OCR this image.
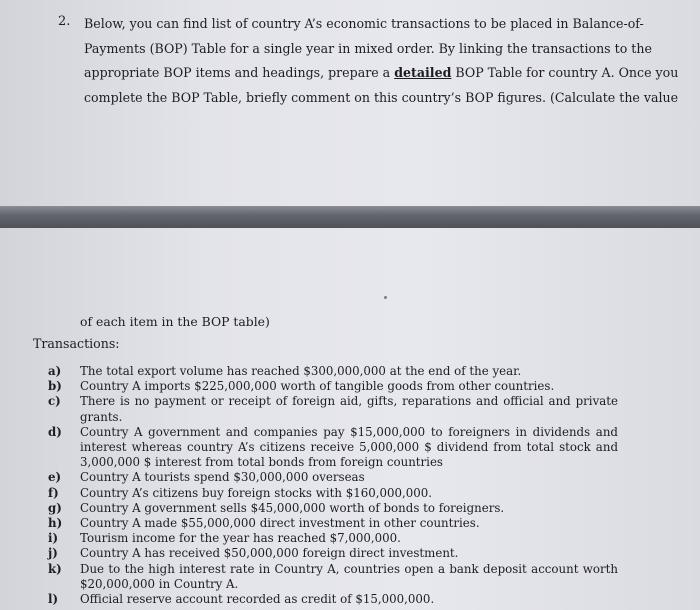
2. Below, you can find list of country A’s economic transactions to be placed in Balance-of-
Payments (BOP) Table for a single year in mixed order. By linking the transactions to the
appropriate BOP items and headings, prepare a detailed BOP Table for country A. Once you
complete the BOP Table, briefly comment on this country’s BOP figures. (Calculate the value
of each item in the BOP table)
Transactions:
a)	The total export volume has reached $300,000,000 at the end of the year.
b)	Country A imports $225,000,000 worth of tangible goods from other countries.
c)	There is no payment or receipt of foreign aid, gifts, reparations and official and private grants.
d)	Country A government and companies pay $15,000,000 to foreigners in dividends and interest whereas country A’s citizens receive 5,000,000 $ dividend from total stock and 3,000,000 $ interest from total bonds from foreign countries
e)	Country A tourists spend $30,000,000 overseas
f)	Country A’s citizens buy foreign stocks with $160,000,000.
g)	Country A government sells $45,000,000 worth of bonds to foreigners.
h)	Country A made $55,000,000 direct investment in other countries.
i)	Tourism income for the year has reached $7,000,000.
j)	Country A has received $50,000,000 foreign direct investment.
k)	Due to the high interest rate in Country A, countries open a bank deposit account worth $20,000,000 in Country A.
l)	Official reserve account recorded as credit of $15,000,000.
